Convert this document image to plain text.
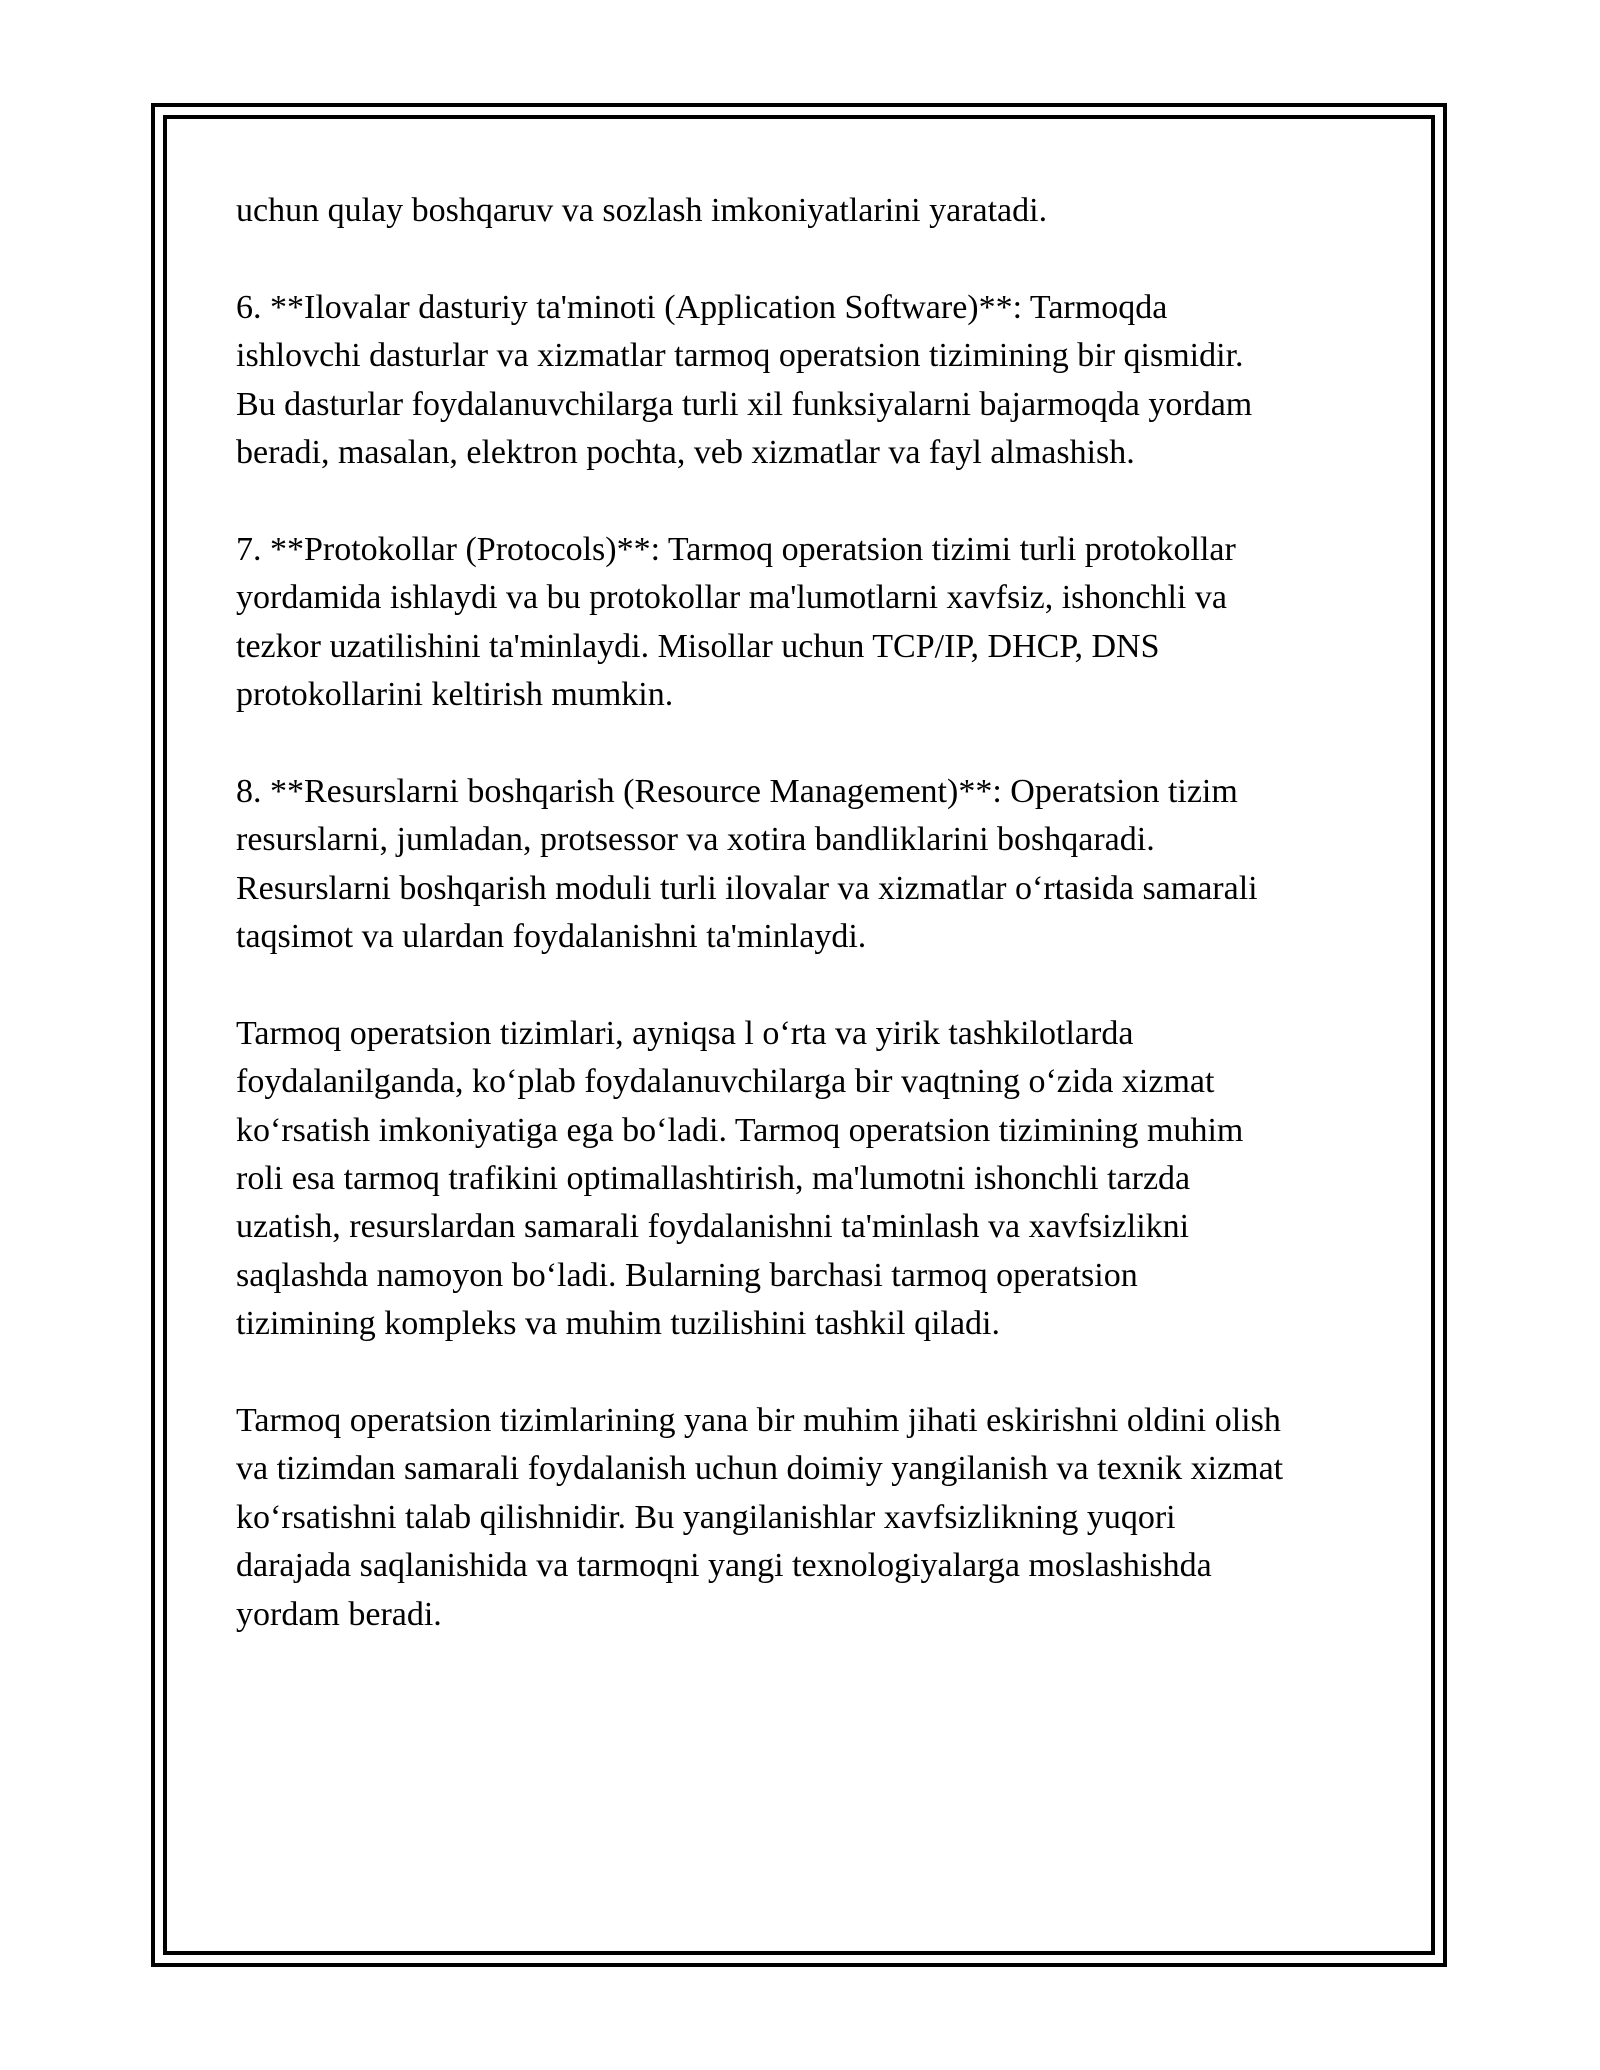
uchun qulay boshqaruv va sozlash imkoniyatlarini yaratadi.

6. **Ilovalar dasturiy ta'minoti (Application Software)**: Tarmoqda
ishlovchi dasturlar va xizmatlar tarmoq operatsion tizimining bir qismidir.
Bu dasturlar foydalanuvchilarga turli xil funksiyalarni bajarmoqda yordam
beradi, masalan, elektron pochta, veb xizmatlar va fayl almashish.

7. **Protokollar (Protocols)**: Tarmoq operatsion tizimi turli protokollar
yordamida ishlaydi va bu protokollar ma'lumotlarni xavfsiz, ishonchli va
tezkor uzatilishini ta'minlaydi. Misollar uchun TCP/IP, DHCP, DNS
protokollarini keltirish mumkin.

8. **Resurslarni boshqarish (Resource Management)**: Operatsion tizim
resurslarni, jumladan, protsessor va xotira bandliklarini boshqaradi.
Resurslarni boshqarish moduli turli ilovalar va xizmatlar o‘rtasida samarali
taqsimot va ulardan foydalanishni ta'minlaydi.

Tarmoq operatsion tizimlari, ayniqsa l o‘rta va yirik tashkilotlarda
foydalanilganda, ko‘plab foydalanuvchilarga bir vaqtning o‘zida xizmat
ko‘rsatish imkoniyatiga ega bo‘ladi. Tarmoq operatsion tizimining muhim
roli esa tarmoq trafikini optimallashtirish, ma'lumotni ishonchli tarzda
uzatish, resurslardan samarali foydalanishni ta'minlash va xavfsizlikni
saqlashda namoyon bo‘ladi. Bularning barchasi tarmoq operatsion
tizimining kompleks va muhim tuzilishini tashkil qiladi.

Tarmoq operatsion tizimlarining yana bir muhim jihati eskirishni oldini olish
va tizimdan samarali foydalanish uchun doimiy yangilanish va texnik xizmat
ko‘rsatishni talab qilishnidir. Bu yangilanishlar xavfsizlikning yuqori
darajada saqlanishida va tarmoqni yangi texnologiyalarga moslashishda
yordam beradi.
